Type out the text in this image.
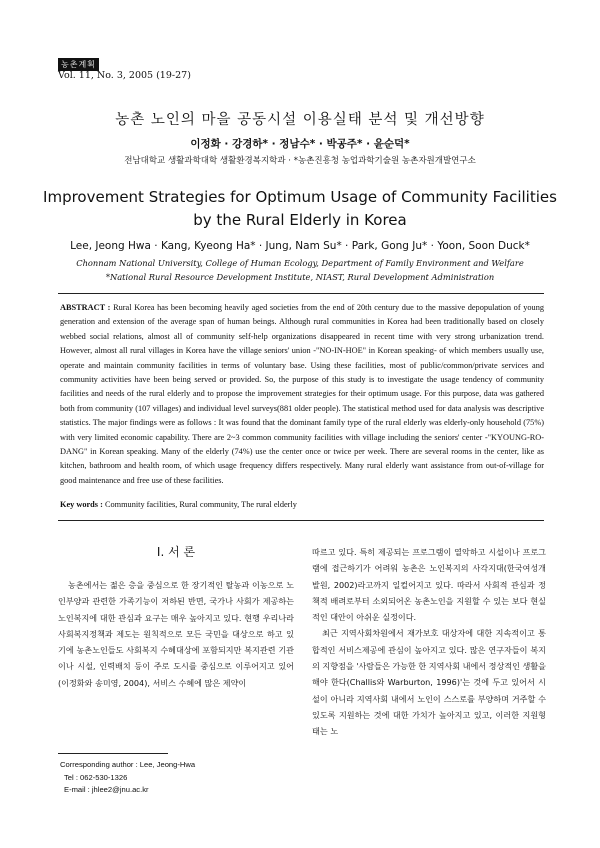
농촌계획
Vol. 11, No. 3, 2005 (19-27)
농촌 노인의 마을 공동시설 이용실태 분석 및 개선방향
이정화 · 강경하* · 정남수* · 박공주* · 윤순덕*
전남대학교 생활과학대학 생활환경복지학과 · *농촌진흥청 농업과학기술원 농촌자원개발연구소
Improvement Strategies for Optimum Usage of Community Facilities by the Rural Elderly in Korea
Lee, Jeong Hwa · Kang, Kyeong Ha* · Jung, Nam Su* · Park, Gong Ju* · Yoon, Soon Duck*
Chonnam National University, College of Human Ecology, Department of Family Environment and Welfare
*National Rural Resource Development Institute, NIAST, Rural Development Administration

ABSTRACT : Rural Korea has been becoming heavily aged societies from the end of 20th century due to the massive depopulation of young generation and extension of the average span of human beings. Although rural communities in Korea had been traditionally based on closely webbed social relations, almost all of community self-help organizations disappeared in recent time with very strong urbanization trend. However, almost all rural villages in Korea have the village seniors' union -"NO-IN-HOE" in Korean speaking- of which members usually use, operate and maintain community facilities in terms of voluntary base. Using these facilities, most of public/common/private services and community activities have been being served or provided. So, the purpose of this study is to investigate the usage tendency of community facilities and needs of the rural elderly and to propose the improvement strategies for their optimum usage. For this purpose, data was gathered both from community (107 villages) and individual level surveys(881 older people). The statistical method used for data analysis was descriptive statistics. The major findings were as follows : It was found that the dominant family type of the rural elderly was elderly-only household (75%) with very limited economic capability. There are 2~3 common community facilities with village including the seniors' center -"KYOUNG-RO-DANG" in Korean speaking. Many of the elderly (74%) use the center once or twice per week. There are several rooms in the center, like as kitchen, bathroom and health room, of which usage frequency differs respectively. Many rural elderly want assistance from out-of-village for good maintenance and free use of these facilities.

Key words : Community facilities, Rural community, The rural elderly
Ⅰ. 서 론

농촌에서는 젊은 층을 중심으로 한 장기적인 탈농과 이농으로 노인부양과 관련한 가족기능이 저하된 반면, 국가나 사회가 제공하는 노인복지에 대한 관심과 요구는 매우 높아지고 있다. 현행 우리나라 사회복지정책과 제도는 원칙적으로 모든 국민을 대상으로 하고 있기에 농촌노인들도 사회복지 수혜대상에 포함되지만 복지관련 기관이나 시설, 인력배치 등이 주로 도시를 중심으로 이루어지고 있어(이정화와 송미영, 2004), 서비스 수혜에 많은 제약이

따르고 있다. 특히 제공되는 프로그램이 열악하고 시설이나 프로그램에 접근하기가 어려워 농촌은 노인복지의 사각지대(한국여성개발원, 2002)라고까지 일컬어지고 있다. 따라서 사회적 관심과 정책적 배려로부터 소외되어온 농촌노인을 지원할 수 있는 보다 현실적인 대안이 아쉬운 실정이다.

최근 지역사회차원에서 재가보호 대상자에 대한 지속적이고 통합적인 서비스제공에 관심이 높아지고 있다. 많은 연구자들이 복지의 지향점을 '사람들은 가능한 한 지역사회 내에서 정상적인 생활을 해야 한다(Challis와 Warburton, 1996)'는 것에 두고 있어서 시설이 아니라 지역사회 내에서 노인이 스스로를 부양하며 거주할 수 있도록 지원하는 것에 대한 가치가 높아지고 있고, 이러한 지원형태는 노

Corresponding author : Lee, Jeong-Hwa
Tel : 062-530-1326
E-mail : jhlee2@jnu.ac.kr
